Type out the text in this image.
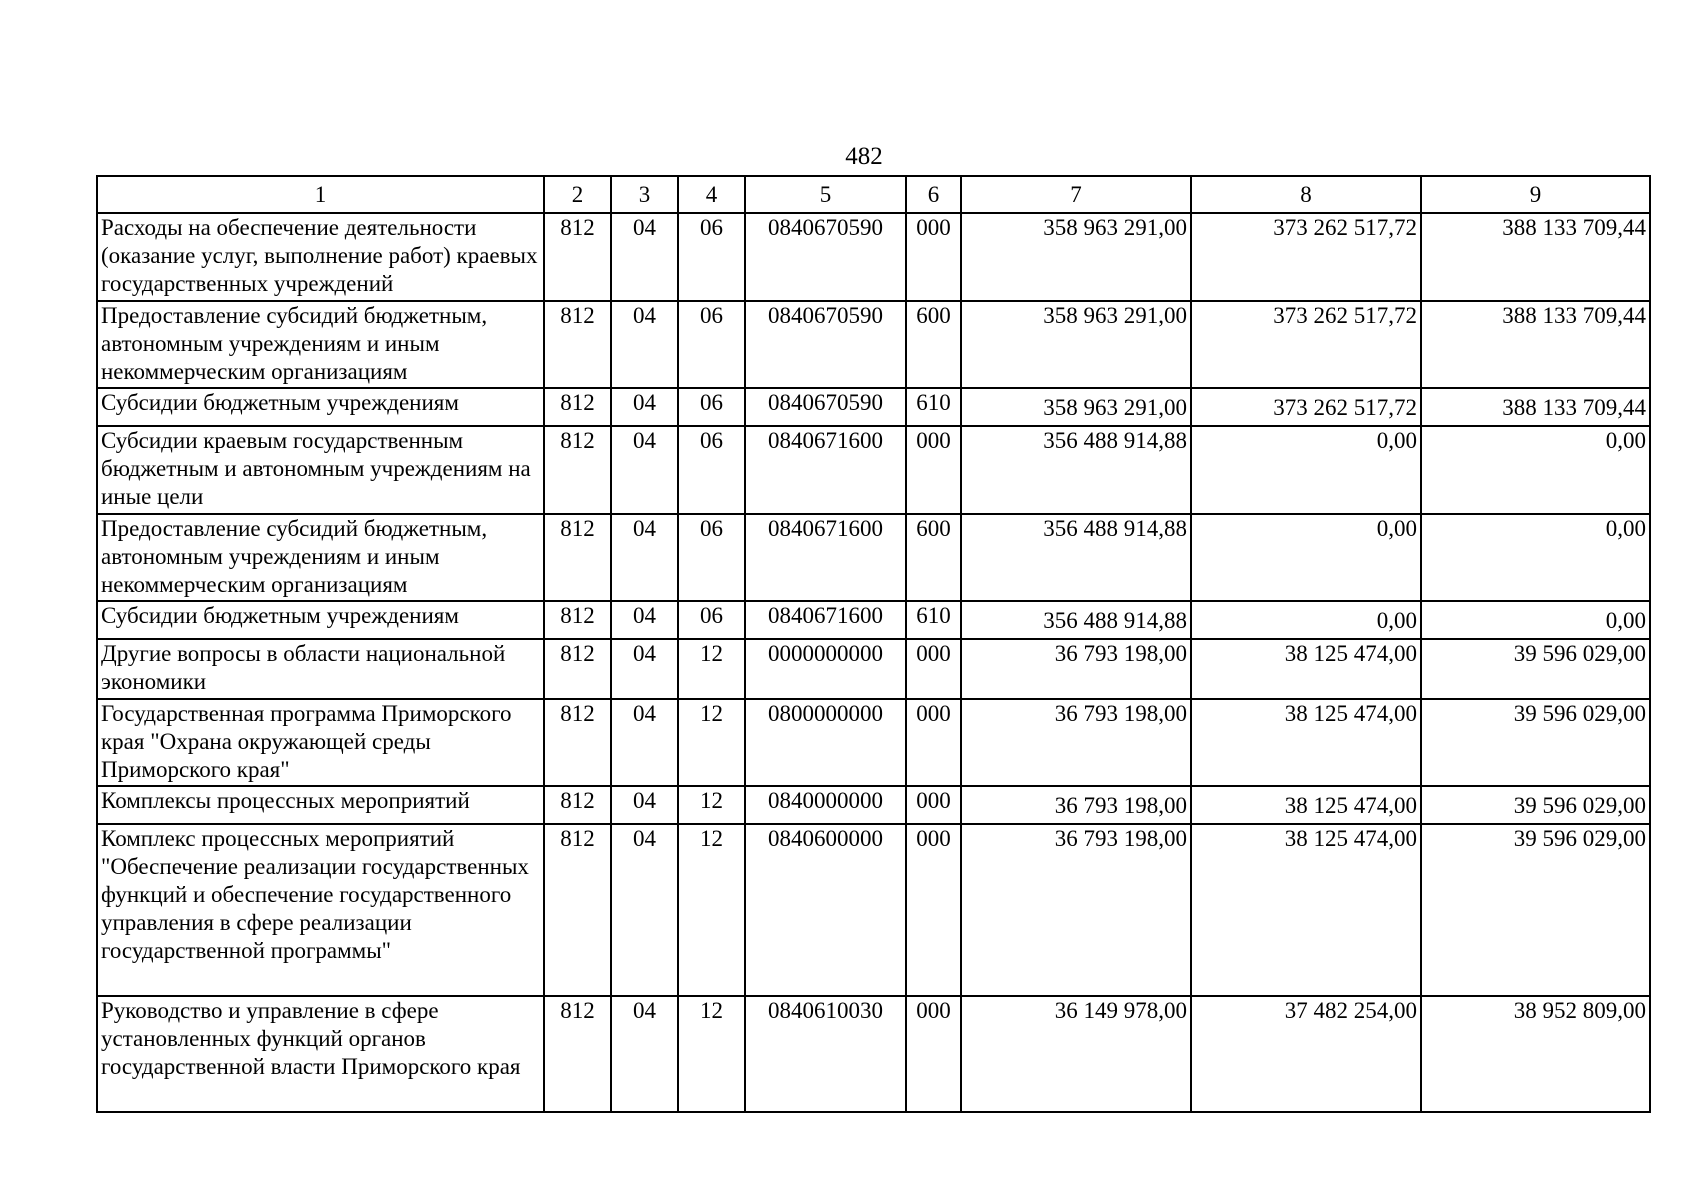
482
1	2	3	4	5	6	7	8	9
Расходы на обеспечение деятельности (оказание услуг, выполнение работ) краевых государственных учреждений	812	04	06	0840670590	000	358 963 291,00	373 262 517,72	388 133 709,44
Предоставление субсидий бюджетным, автономным учреждениям и иным некоммерческим организациям	812	04	06	0840670590	600	358 963 291,00	373 262 517,72	388 133 709,44
Субсидии бюджетным учреждениям	812	04	06	0840670590	610	358 963 291,00	373 262 517,72	388 133 709,44
Субсидии краевым государственным бюджетным и автономным учреждениям на иные цели	812	04	06	0840671600	000	356 488 914,88	0,00	0,00
Предоставление субсидий бюджетным, автономным учреждениям и иным некоммерческим организациям	812	04	06	0840671600	600	356 488 914,88	0,00	0,00
Субсидии бюджетным учреждениям	812	04	06	0840671600	610	356 488 914,88	0,00	0,00
Другие вопросы в области национальной экономики	812	04	12	0000000000	000	36 793 198,00	38 125 474,00	39 596 029,00
Государственная программа Приморского края "Охрана окружающей среды Приморского края"	812	04	12	0800000000	000	36 793 198,00	38 125 474,00	39 596 029,00
Комплексы процессных мероприятий	812	04	12	0840000000	000	36 793 198,00	38 125 474,00	39 596 029,00
Комплекс процессных мероприятий "Обеспечение реализации государственных функций и обеспечение государственного управления в сфере реализации государственной программы"	812	04	12	0840600000	000	36 793 198,00	38 125 474,00	39 596 029,00
Руководство и управление в сфере установленных функций органов государственной власти Приморского края	812	04	12	0840610030	000	36 149 978,00	37 482 254,00	38 952 809,00
